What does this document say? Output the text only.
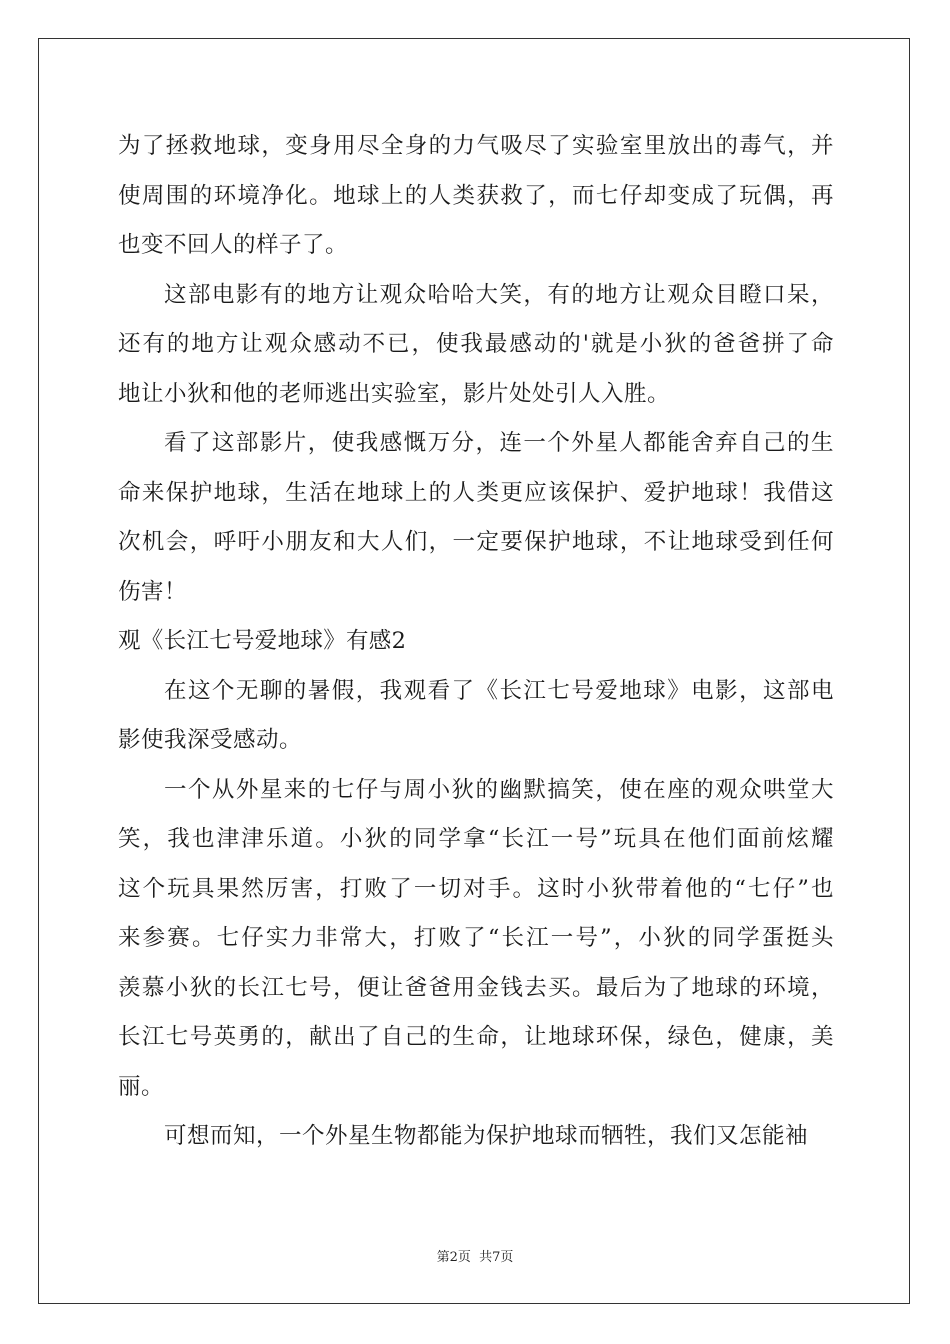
为了拯救地球，变身用尽全身的力气吸尽了实验室里放出的毒气，并
使周围的环境净化。地球上的人类获救了，而七仔却变成了玩偶，再
也变不回人的样子了。
这部电影有的地方让观众哈哈大笑，有的地方让观众目瞪口呆，
还有的地方让观众感动不已，使我最感动的'就是小狄的爸爸拼了命
地让小狄和他的老师逃出实验室，影片处处引人入胜。
看了这部影片，使我感慨万分，连一个外星人都能舍弃自己的生
命来保护地球，生活在地球上的人类更应该保护、爱护地球！我借这
次机会，呼吁小朋友和大人们，一定要保护地球，不让地球受到任何
伤害！
观《长江七号爱地球》有感2
在这个无聊的暑假，我观看了《长江七号爱地球》电影，这部电
影使我深受感动。
一个从外星来的七仔与周小狄的幽默搞笑，使在座的观众哄堂大
笑，我也津津乐道。小狄的同学拿“长江一号”玩具在他们面前炫耀
这个玩具果然厉害，打败了一切对手。这时小狄带着他的“七仔”也
来参赛。七仔实力非常大，打败了“长江一号”，小狄的同学蛋挺头
羡慕小狄的长江七号，便让爸爸用金钱去买。最后为了地球的环境，
长江七号英勇的，献出了自己的生命，让地球环保，绿色，健康，美
丽。
可想而知，一个外星生物都能为保护地球而牺牲，我们又怎能袖
第2页 共7页
